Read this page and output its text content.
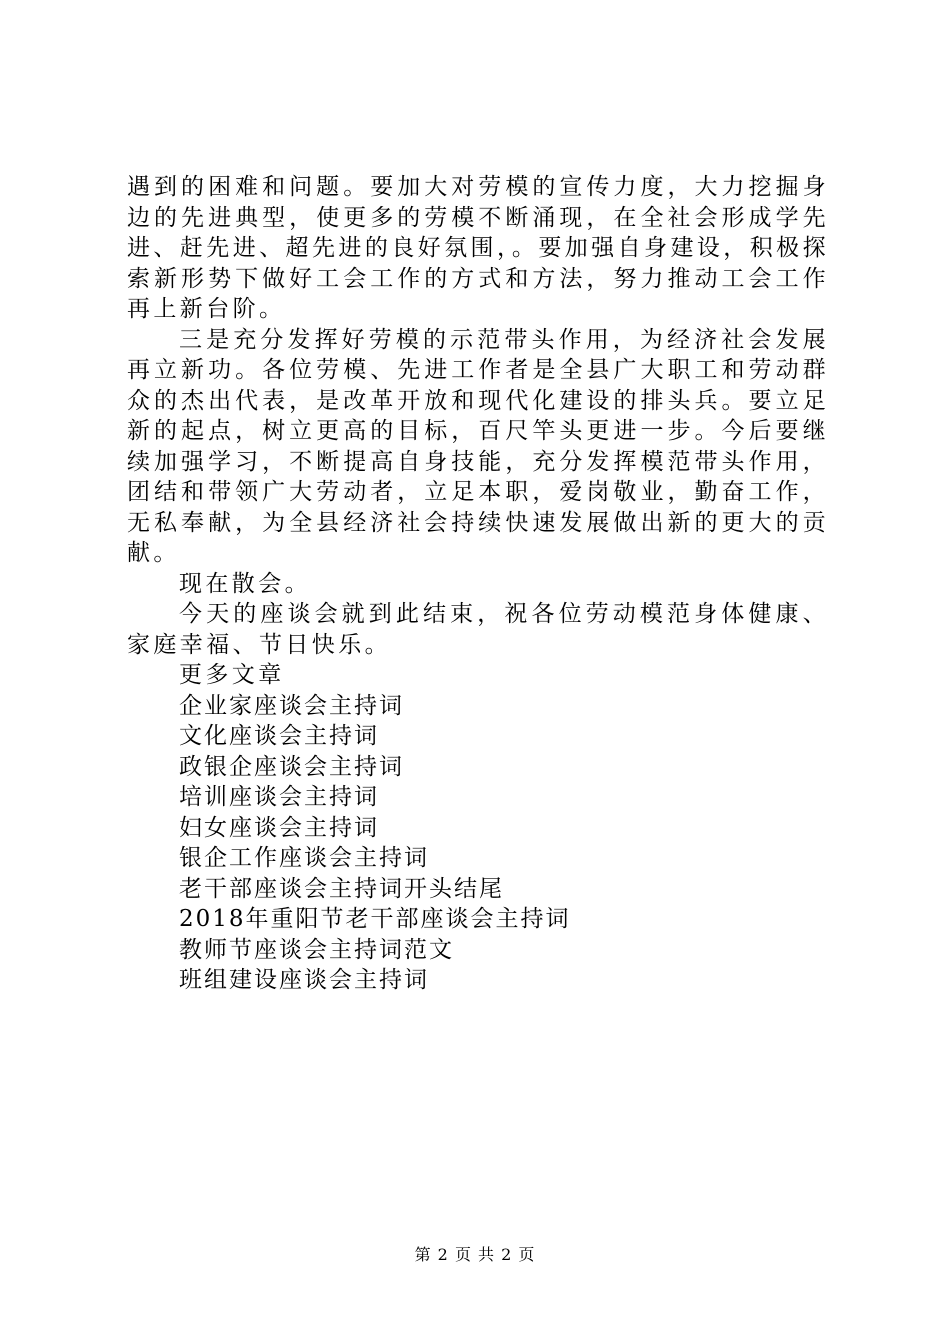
遇到的困难和问题。要加大对劳模的宣传力度，大力挖掘身边的先进典型，使更多的劳模不断涌现，在全社会形成学先进、赶先进、超先进的良好氛围，。要加强自身建设，积极探索新形势下做好工会工作的方式和方法，努力推动工会工作再上新台阶。

三是充分发挥好劳模的示范带头作用，为经济社会发展再立新功。各位劳模、先进工作者是全县广大职工和劳动群众的杰出代表，是改革开放和现代化建设的排头兵。要立足新的起点，树立更高的目标，百尺竿头更进一步。今后要继续加强学习，不断提高自身技能，充分发挥模范带头作用，团结和带领广大劳动者，立足本职，爱岗敬业，勤奋工作，无私奉献，为全县经济社会持续快速发展做出新的更大的贡献。

现在散会。

今天的座谈会就到此结束，祝各位劳动模范身体健康、家庭幸福、节日快乐。

更多文章

企业家座谈会主持词
文化座谈会主持词
政银企座谈会主持词
培训座谈会主持词
妇女座谈会主持词
银企工作座谈会主持词
老干部座谈会主持词开头结尾
2018年重阳节老干部座谈会主持词
教师节座谈会主持词范文
班组建设座谈会主持词
第 2 页 共 2 页
